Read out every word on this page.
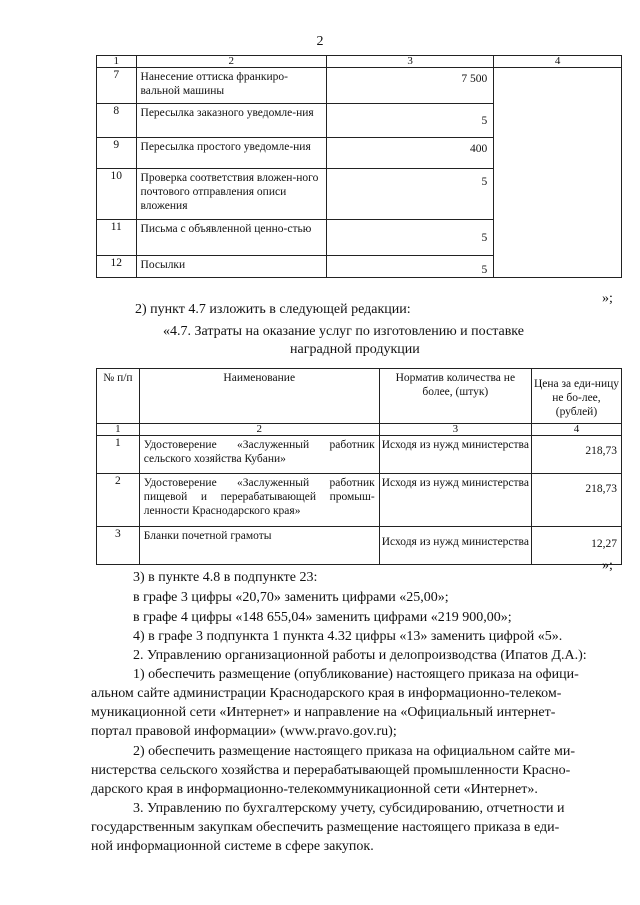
2
1	2	3	4
7	Нанесение оттиска франкиро-вальной машины	7 500	
8	Пересылка заказного уведомле-ния	5	
9	Пересылка простого уведомле-ния	400	
10	Проверка соответствия вложен-ного почтового отправления описи вложения	5	
11	Письма с объявленной ценно-стью	5	
12	Посылки	5	
»;
2) пункт 4.7 изложить в следующей редакции:
«4.7. Затраты на оказание услуг по изготовлению и поставке
наградной продукции
№ п/п	Наименование	Норматив количества не более, (штук)	Цена за еди-ницу не бо-лее, (рублей)
1	2	3	4
1	Удостоверение «Заслуженный работник сельского хозяйства Кубани»	Исходя из нужд министерства	218,73
2	Удостоверение «Заслуженный работник пищевой и перерабатывающей промыш-ленности Краснодарского края»	Исходя из нужд министерства	218,73
3	Бланки почетной грамоты	Исходя из нужд министерства	12,27
»;
3) в пункте 4.8 в подпункте 23:
в графе 3 цифры «20,70» заменить цифрами «25,00»;
в графе 4 цифры «148 655,04» заменить цифрами «219 900,00»;
4) в графе 3 подпункта 1 пункта 4.32 цифры «13» заменить цифрой «5».
2. Управлению организационной работы и делопроизводства (Ипатов Д.А.):
1) обеспечить размещение (опубликование) настоящего приказа на офици-
альном сайте администрации Краснодарского края в информационно-телеком-
муникационной сети «Интернет» и направление на «Официальный интернет-
портал правовой информации» (www.pravo.gov.ru);
2) обеспечить размещение настоящего приказа на официальном сайте ми-
нистерства сельского хозяйства и перерабатывающей промышленности Красно-
дарского края в информационно-телекоммуникационной сети «Интернет».
3. Управлению по бухгалтерскому учету, субсидированию, отчетности и
государственным закупкам обеспечить размещение настоящего приказа в еди-
ной информационной системе в сфере закупок.
